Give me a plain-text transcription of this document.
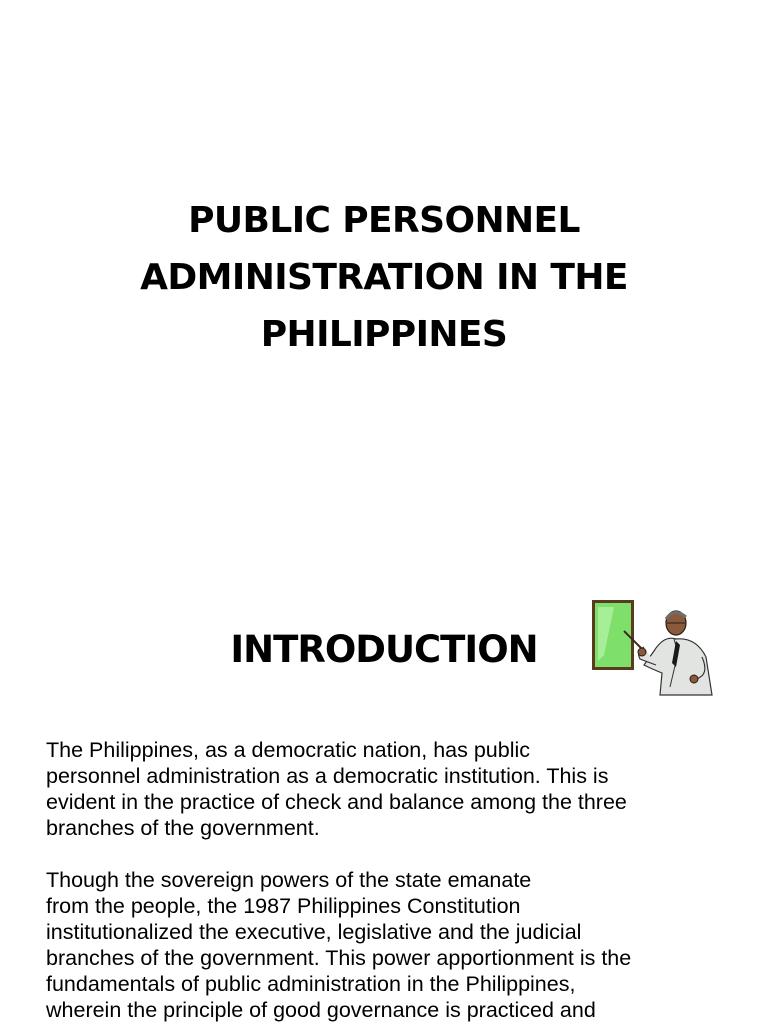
PUBLIC PERSONNEL
ADMINISTRATION IN THE
PHILIPPINES
INTRODUCTION

The Philippines, as a democratic nation, has public
personnel administration as a democratic institution. This is
evident in the practice of check and balance among the three
branches of the government.

Though the sovereign powers of the state emanate
from the people, the 1987 Philippines Constitution
institutionalized the executive, legislative and the judicial
branches of the government. This power apportionment is the
fundamentals of public administration in the Philippines,
wherein the principle of good governance is practiced and
